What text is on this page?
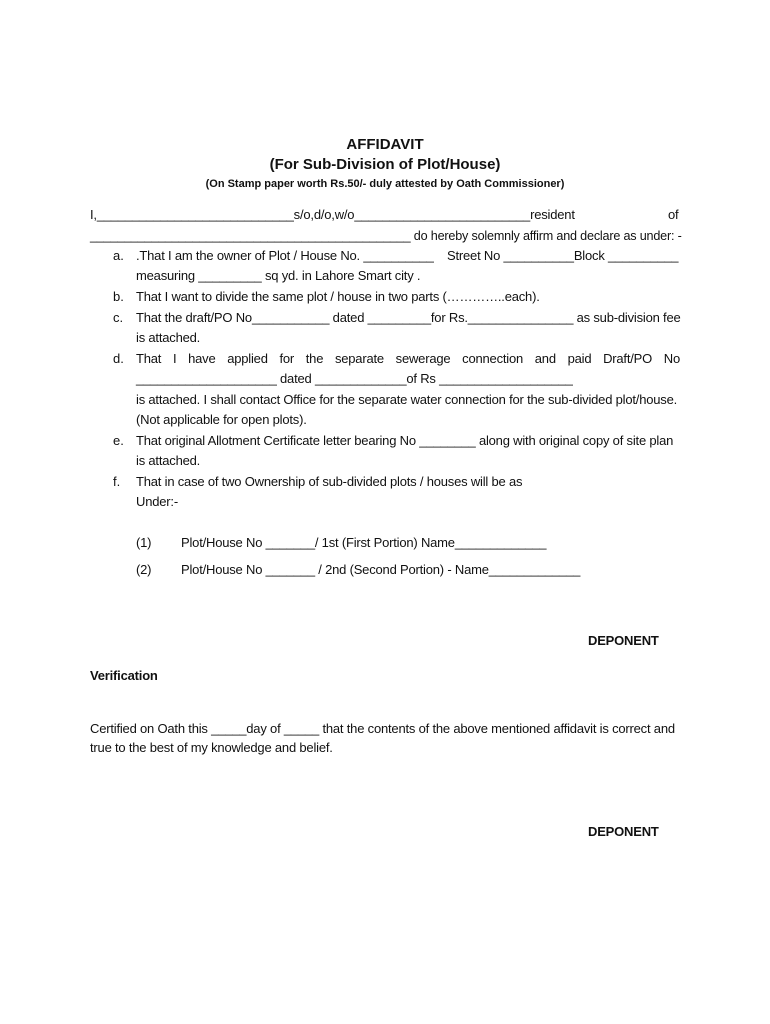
AFFIDAVIT
(For Sub-Division of Plot/House)
(On Stamp paper worth Rs.50/- duly attested by Oath Commissioner)
I,____________________________s/o,d/o,w/o_________________________resident	of
_______________________________________________ do hereby solemnly affirm and declare as under: -
a. .That I am the owner of Plot / House No. __________ Street No __________Block __________
measuring _________ sq yd. in Lahore Smart city .
b. That I want to divide the same plot / house in two parts (…………..each).
c. That the draft/PO No___________ dated _________for Rs._______________ as sub-division fee
is attached.
d. That I have applied for the separate sewerage connection and paid Draft/PO No
____________________ dated _____________of Rs ___________________
is attached. I shall contact Office for the separate water connection for the sub-divided plot/house.
(Not applicable for open plots).
e. That original Allotment Certificate letter bearing No ________ along with original copy of site plan
is attached.
f. That in case of two Ownership of sub-divided plots / houses will be as
Under:-
(1) Plot/House No _______/ 1st (First Portion) Name_____________
(2) Plot/House No _______ / 2nd (Second Portion) - Name_____________
DEPONENT
Verification
Certified on Oath this _____day of _____ that the contents of the above mentioned affidavit is correct and
true to the best of my knowledge and belief.
DEPONENT
